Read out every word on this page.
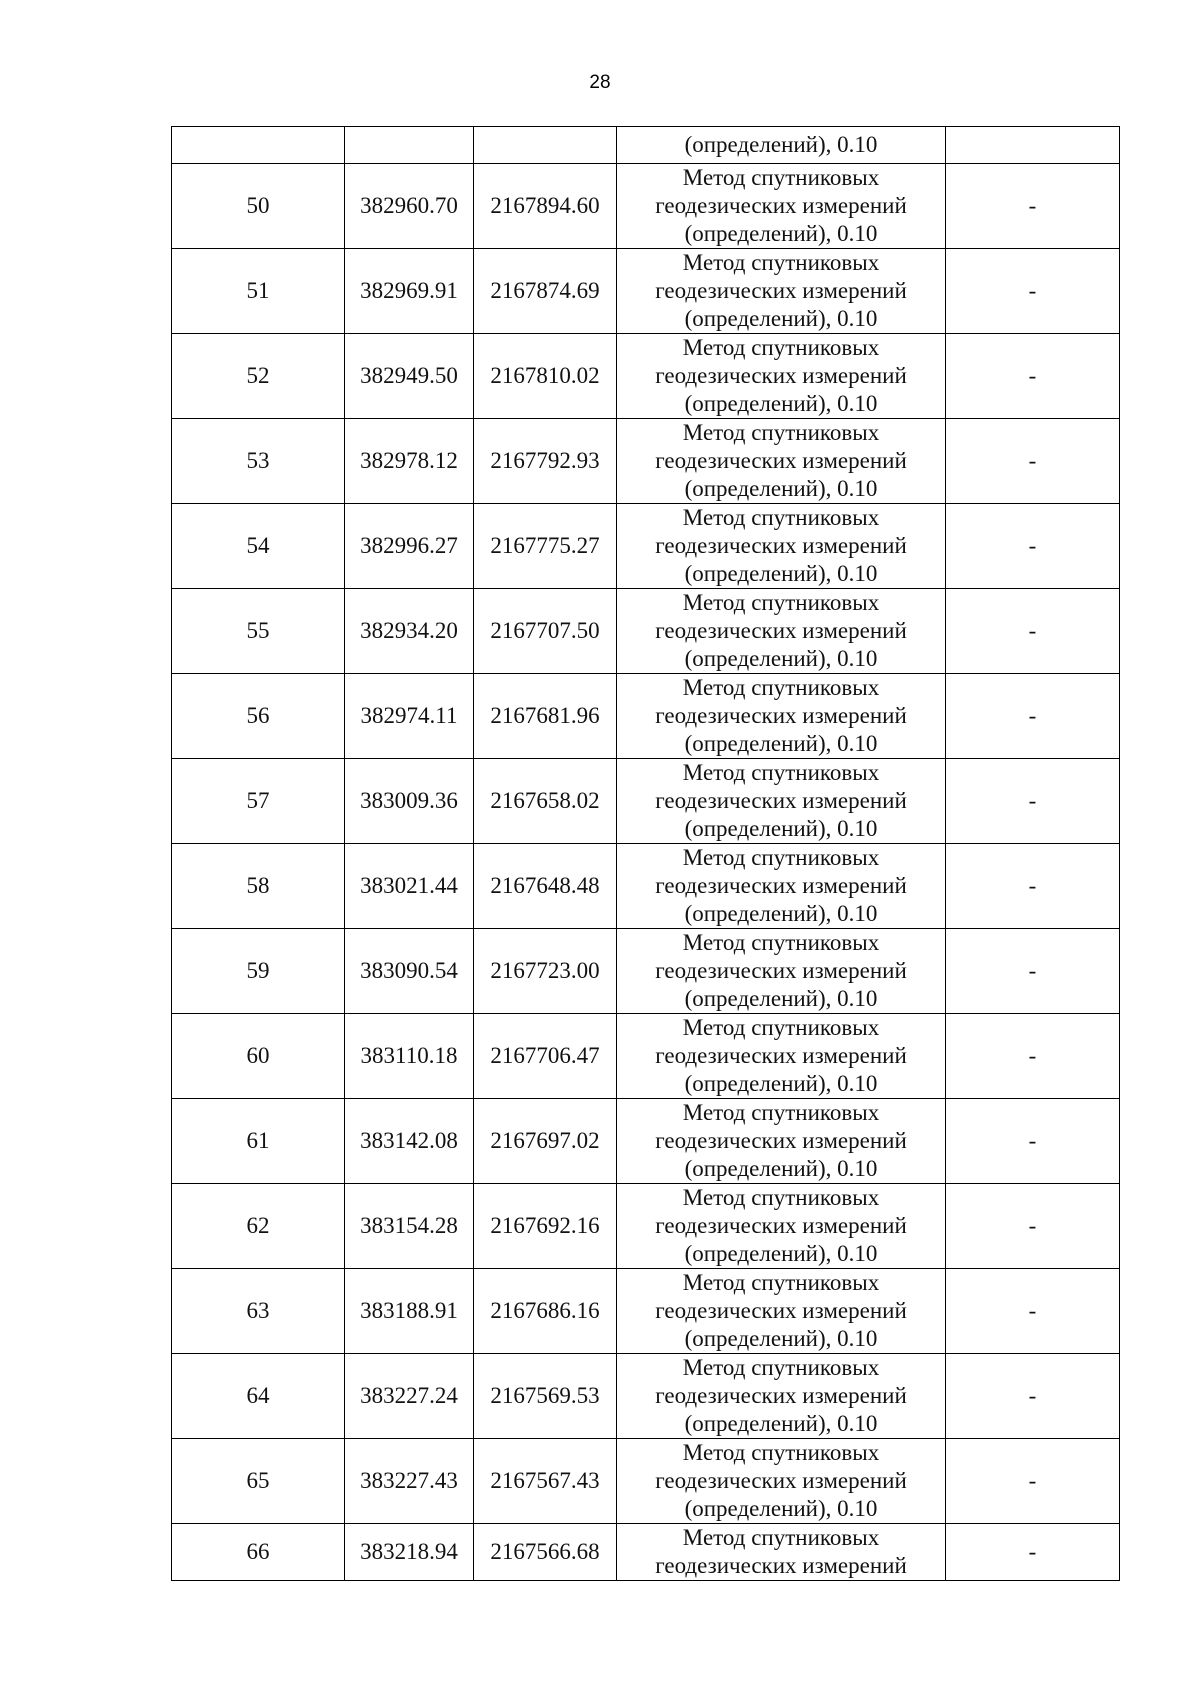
28
			(определений), 0.10	
50	382960.70	2167894.60	Метод спутниковых
геодезических измерений
(определений), 0.10	-
51	382969.91	2167874.69	Метод спутниковых
геодезических измерений
(определений), 0.10	-
52	382949.50	2167810.02	Метод спутниковых
геодезических измерений
(определений), 0.10	-
53	382978.12	2167792.93	Метод спутниковых
геодезических измерений
(определений), 0.10	-
54	382996.27	2167775.27	Метод спутниковых
геодезических измерений
(определений), 0.10	-
55	382934.20	2167707.50	Метод спутниковых
геодезических измерений
(определений), 0.10	-
56	382974.11	2167681.96	Метод спутниковых
геодезических измерений
(определений), 0.10	-
57	383009.36	2167658.02	Метод спутниковых
геодезических измерений
(определений), 0.10	-
58	383021.44	2167648.48	Метод спутниковых
геодезических измерений
(определений), 0.10	-
59	383090.54	2167723.00	Метод спутниковых
геодезических измерений
(определений), 0.10	-
60	383110.18	2167706.47	Метод спутниковых
геодезических измерений
(определений), 0.10	-
61	383142.08	2167697.02	Метод спутниковых
геодезических измерений
(определений), 0.10	-
62	383154.28	2167692.16	Метод спутниковых
геодезических измерений
(определений), 0.10	-
63	383188.91	2167686.16	Метод спутниковых
геодезических измерений
(определений), 0.10	-
64	383227.24	2167569.53	Метод спутниковых
геодезических измерений
(определений), 0.10	-
65	383227.43	2167567.43	Метод спутниковых
геодезических измерений
(определений), 0.10	-
66	383218.94	2167566.68	Метод спутниковых
геодезических измерений	-
